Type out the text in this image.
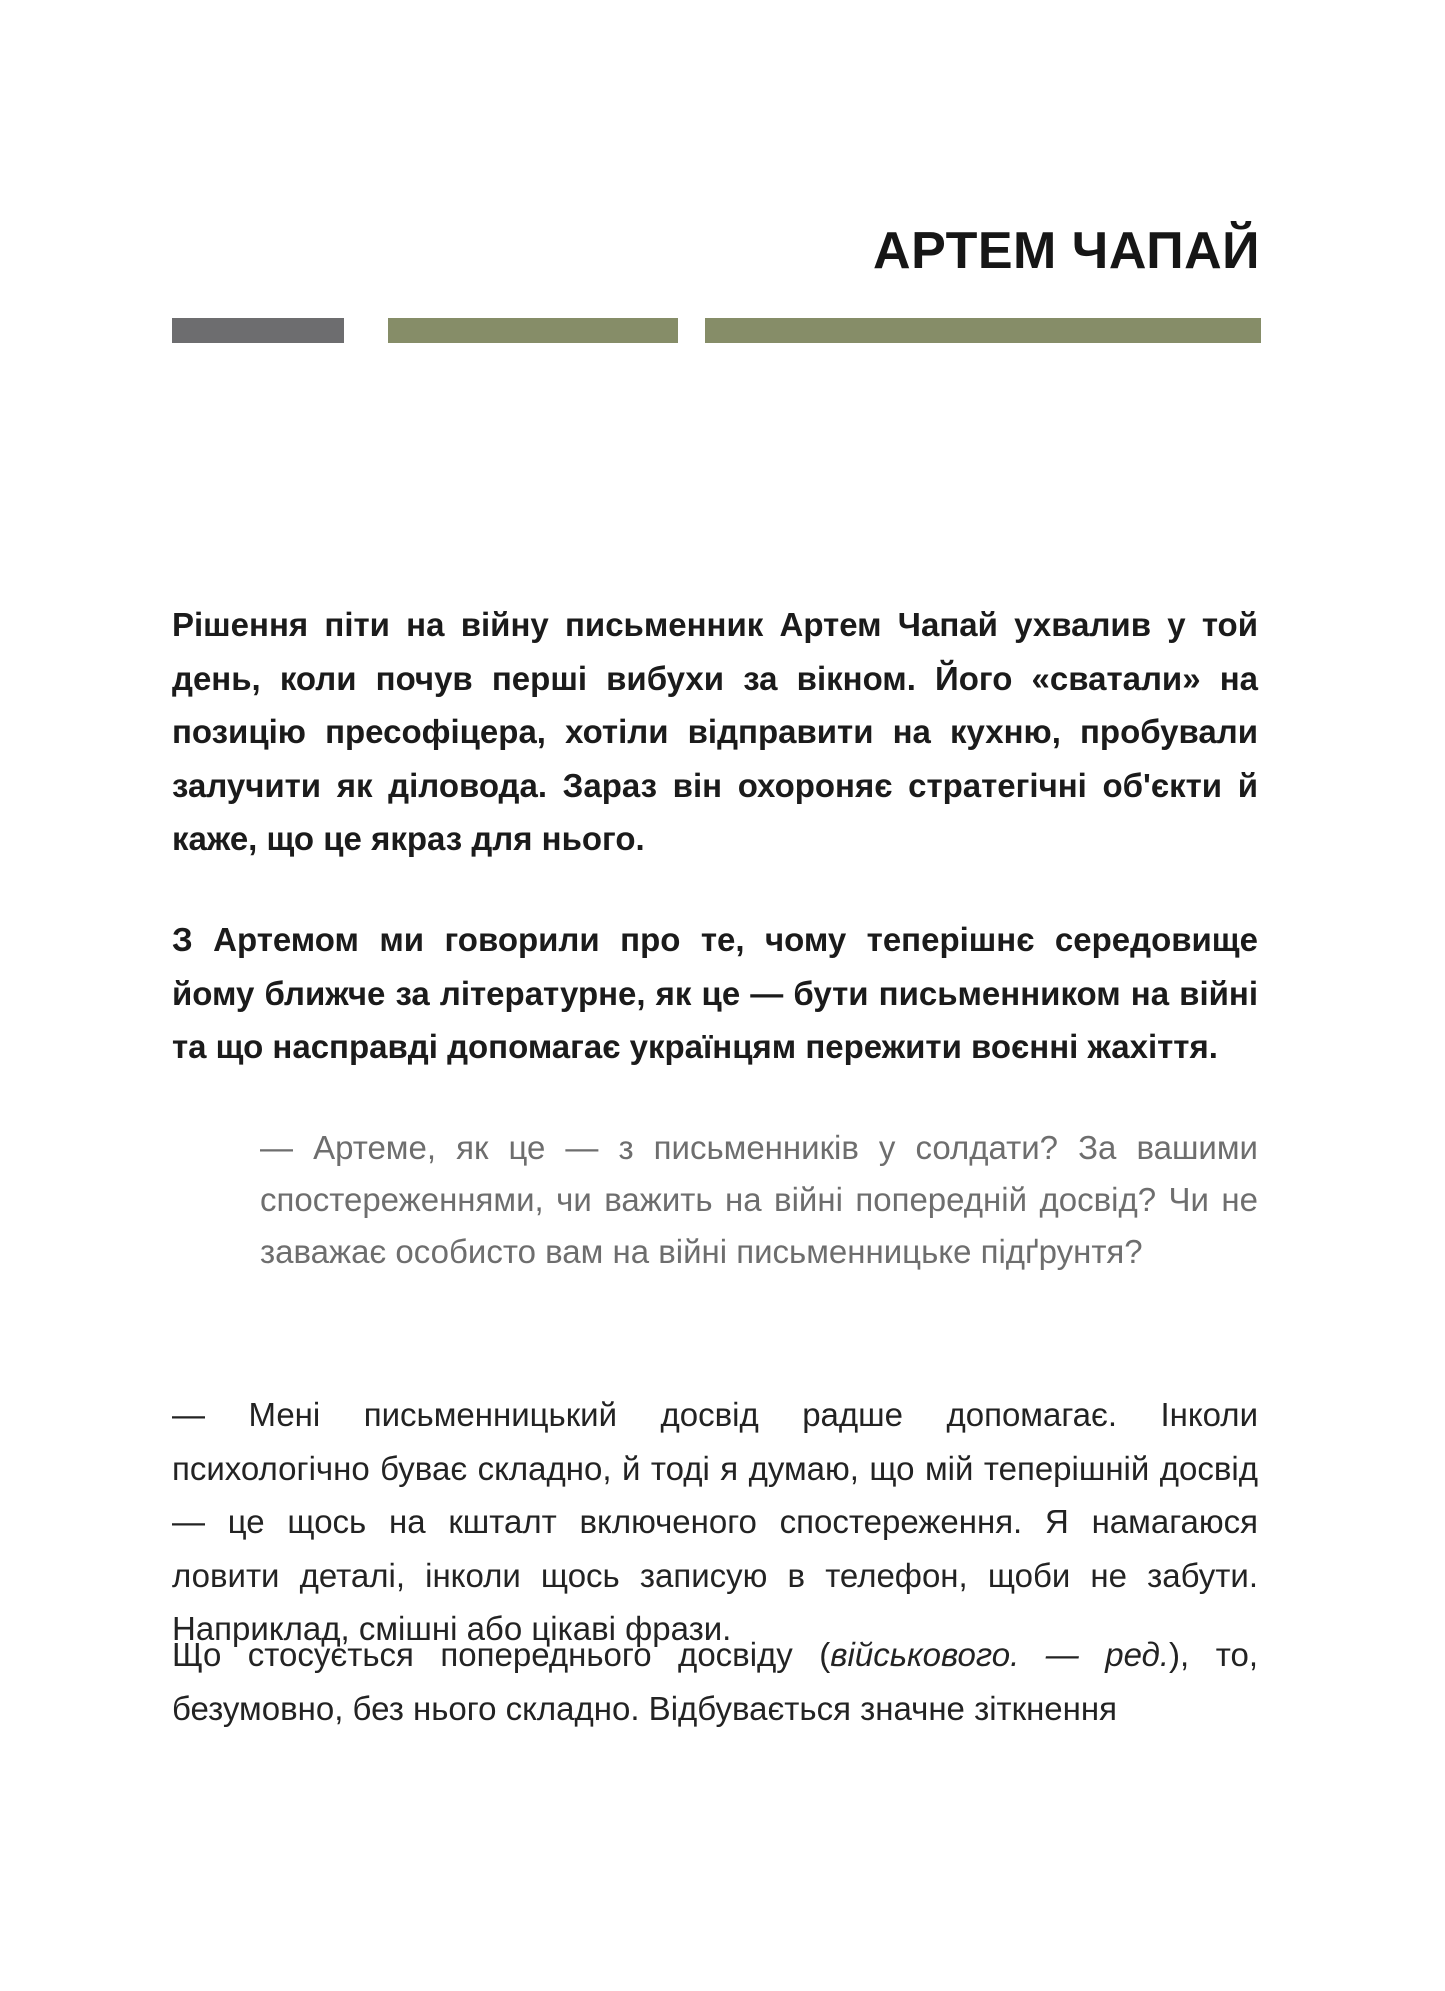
АРТЕМ ЧАПАЙ

Рішення піти на війну письменник Артем Чапай ухвалив у той день, коли почув перші вибухи за вікном. Його «сватали» на позицію пресофіцера, хотіли відправити на кухню, пробували залучити як діловода. Зараз він охороняє стратегічні об'єкти й каже, що це якраз для нього.

З Артемом ми говорили про те, чому теперішнє середовище йому ближче за літературне, як це — бути письменником на війні та що насправді допомагає українцям пережити воєнні жахіття.

— Артеме, як це — з письменників у солдати? За вашими спостереженнями, чи важить на війні попередній досвід? Чи не заважає особисто вам на війні письменницьке підґрунтя?

— Мені письменницький досвід радше допомагає. Інколи психологічно буває складно, й тоді я думаю, що мій теперішній досвід — це щось на кшталт включеного спостереження. Я намагаюся ловити деталі, інколи щось записую в телефон, щоби не забути. Наприклад, смішні або цікаві фрази.

Що стосується попереднього досвіду (військового. — ред.), то, безумовно, без нього складно. Відбувається значне зіткнення
